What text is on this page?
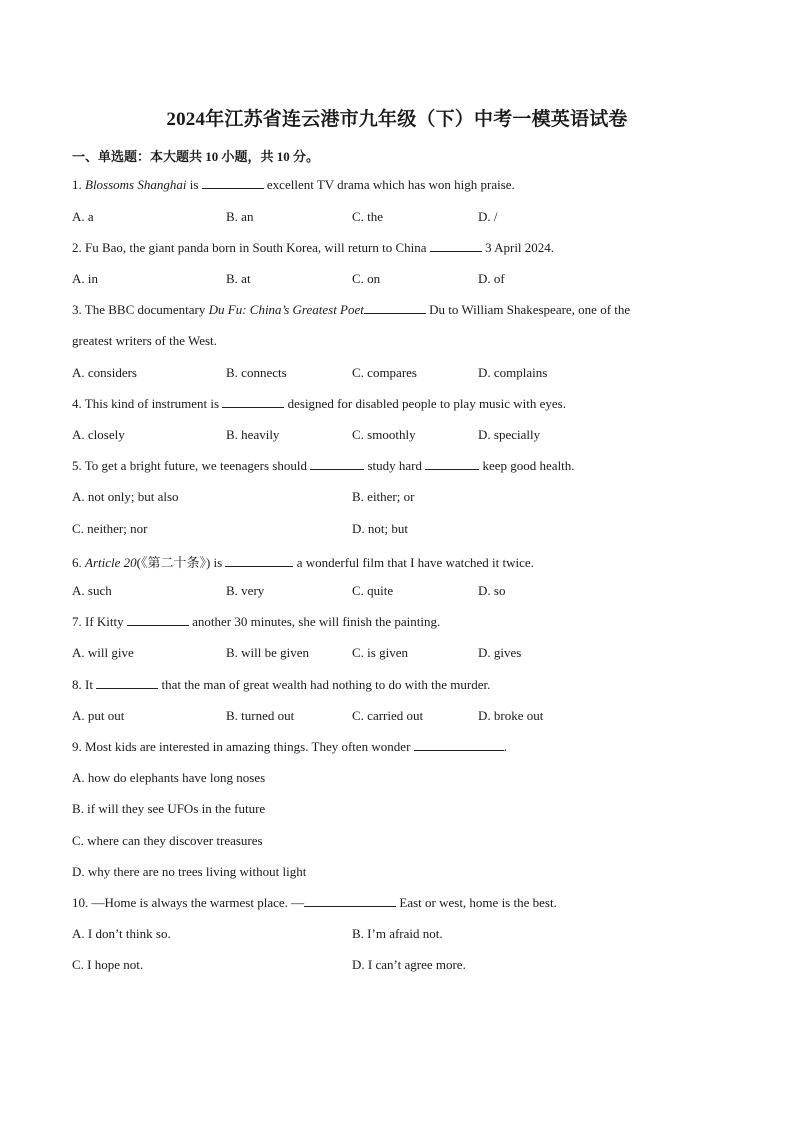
2024年江苏省连云港市九年级（下）中考一模英语试卷
一、单选题：本大题共 10 小题，共 10 分。
1. Blossoms Shanghai is	excellent TV drama which has won high praise.
A. a	B. an	C. the	D. /
2. Fu Bao, the giant panda born in South Korea, will return to China	3 April 2024.
A. in	B. at	C. on	D. of
3. The BBC documentary Du Fu: China’s Greatest Poet	Du to William Shakespeare, one of the
greatest writers of the West.
A. considers	B. connects	C. compares	D. complains
4. This kind of instrument is	designed for disabled people to play music with eyes.
A. closely	B. heavily	C. smoothly	D. specially
5. To get a bright future, we teenagers should	study hard	keep good health.
A. not only; but also	B. either; or
C. neither; nor	D. not; but
6. Article 20(《第二十条》) is	a wonderful film that I have watched it twice.
A. such	B. very	C. quite	D. so
7. If Kitty	another 30 minutes, she will finish the painting.
A. will give	B. will be given	C. is given	D. gives
8. It	that the man of great wealth had nothing to do with the murder.
A. put out	B. turned out	C. carried out	D. broke out
9. Most kids are interested in amazing things. They often wonder	.
A. how do elephants have long noses
B. if will they see UFOs in the future
C. where can they discover treasures
D. why there are no trees living without light
10. —Home is always the warmest place. —	East or west, home is the best.
A. I don’t think so.	B. I’m afraid not.
C. I hope not.	D. I can’t agree more.
